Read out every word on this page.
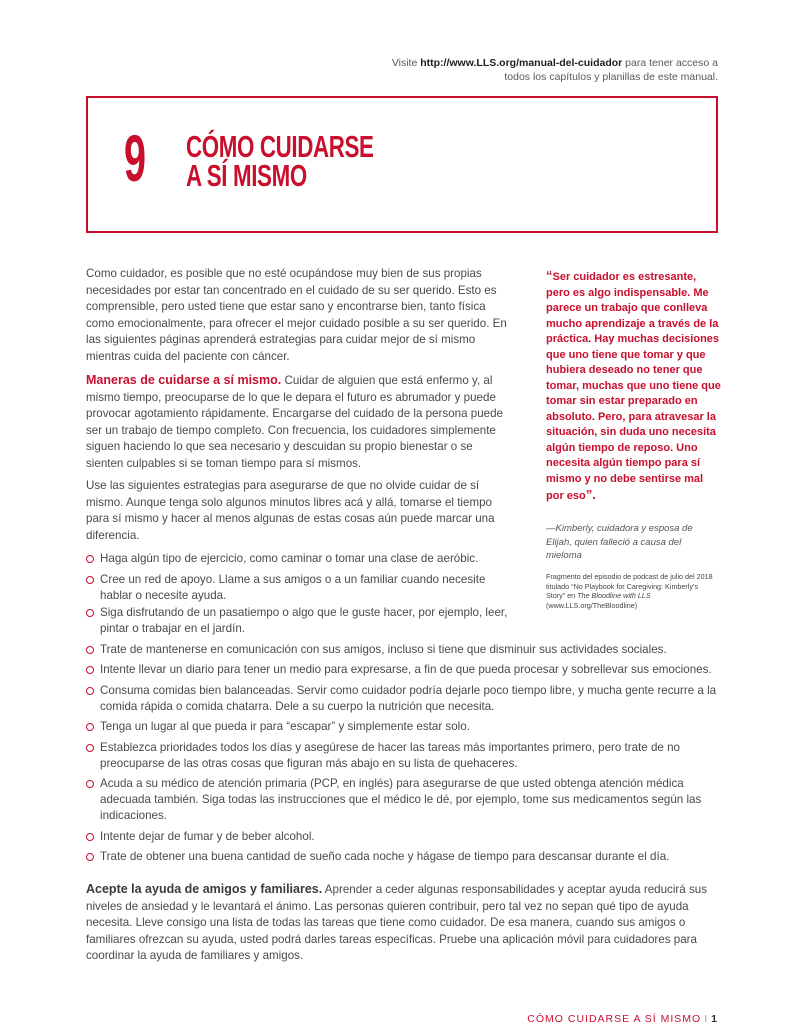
Visite http://www.LLS.org/manual-del-cuidador para tener acceso a todos los capítulos y planillas de este manual.
9 CÓMO CUIDARSE
A SÍ MISMO
Como cuidador, es posible que no esté ocupándose muy bien de sus propias necesidades por estar tan concentrado en el cuidado de su ser querido. Esto es comprensible, pero usted tiene que estar sano y encontrarse bien, tanto física como emocionalmente, para ofrecer el mejor cuidado posible a su ser querido. En las siguientes páginas aprenderá estrategias para cuidar mejor de sí mismo mientras cuida del paciente con cáncer.
Maneras de cuidarse a sí mismo. Cuidar de alguien que está enfermo y, al mismo tiempo, preocuparse de lo que le depara el futuro es abrumador y puede provocar agotamiento rápidamente. Encargarse del cuidado de la persona puede ser un trabajo de tiempo completo. Con frecuencia, los cuidadores simplemente siguen haciendo lo que sea necesario y descuidan su propio bienestar o se sienten culpables si se toman tiempo para sí mismos.
Use las siguientes estrategias para asegurarse de que no olvide cuidar de sí mismo. Aunque tenga solo algunos minutos libres acá y allá, tomarse el tiempo para sí mismo y hacer al menos algunas de estas cosas aún puede marcar una diferencia.
Haga algún tipo de ejercicio, como caminar o tomar una clase de aeróbic.
Cree un red de apoyo. Llame a sus amigos o a un familiar cuando necesite hablar o necesite ayuda.
Siga disfrutando de un pasatiempo o algo que le guste hacer, por ejemplo, leer, pintar o trabajar en el jardín.
Trate de mantenerse en comunicación con sus amigos, incluso si tiene que disminuir sus actividades sociales.
Intente llevar un diario para tener un medio para expresarse, a fin de que pueda procesar y sobrellevar sus emociones.
Consuma comidas bien balanceadas. Servir como cuidador podría dejarle poco tiempo libre, y mucha gente recurre a la comida rápida o comida chatarra. Dele a su cuerpo la nutrición que necesita.
Tenga un lugar al que pueda ir para “escapar” y simplemente estar solo.
Establezca prioridades todos los días y asegúrese de hacer las tareas más importantes primero, pero trate de no preocuparse de las otras cosas que figuran más abajo en su lista de quehaceres.
Acuda a su médico de atención primaria (PCP, en inglés) para asegurarse de que usted obtenga atención médica adecuada también. Siga todas las instrucciones que el médico le dé, por ejemplo, tome sus medicamentos según las indicaciones.
Intente dejar de fumar y de beber alcohol.
Trate de obtener una buena cantidad de sueño cada noche y hágase de tiempo para descansar durante el día.
Acepte la ayuda de amigos y familiares. Aprender a ceder algunas responsabilidades y aceptar ayuda reducirá sus niveles de ansiedad y le levantará el ánimo. Las personas quieren contribuir, pero tal vez no sepan qué tipo de ayuda necesita. Lleve consigo una lista de todas las tareas que tiene como cuidador. De esa manera, cuando sus amigos o familiares ofrezcan su ayuda, usted podrá darles tareas específicas. Pruebe una aplicación móvil para cuidadores para coordinar la ayuda de familiares y amigos.
“Ser cuidador es estresante, pero es algo indispensable. Me parece un trabajo que conlleva mucho aprendizaje a través de la práctica. Hay muchas decisiones que uno tiene que tomar y que hubiera deseado no tener que tomar, muchas que uno tiene que tomar sin estar preparado en absoluto. Pero, para atravesar la situación, sin duda uno necesita algún tiempo de reposo. Uno necesita algún tiempo para sí mismo y no debe sentirse mal por eso”.
—Kimberly, cuidadora y esposa de Elijah, quien falleció a causa del mieloma
Fragmento del episodio de podcast de julio del 2018 titulado “No Playbook for Caregiving: Kimberly’s Story” en The Bloodline with LLS (www.LLS.org/TheBloodline)
CÓMO CUIDARSE A SÍ MISMO I 1
